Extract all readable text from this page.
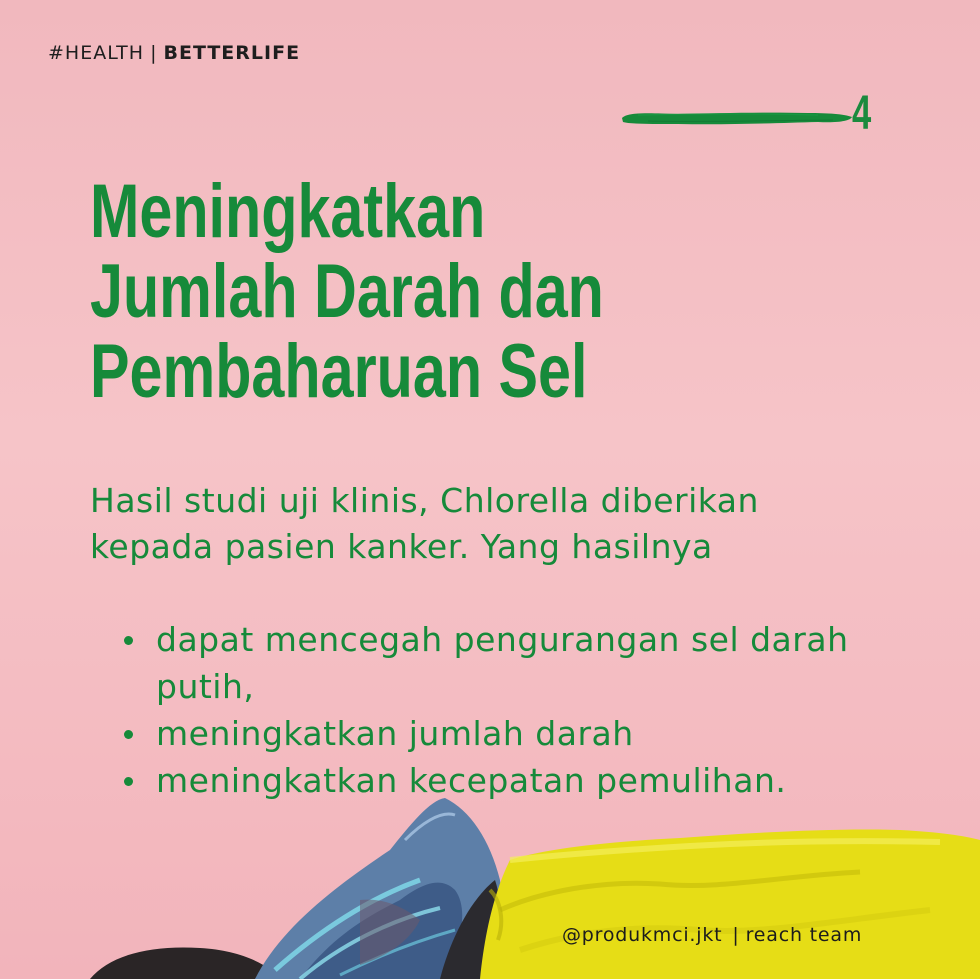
#HEALTH | BETTERLIFE
4
Meningkatkan
Jumlah Darah dan
Pembaharuan Sel
Hasil studi uji klinis, Chlorella diberikan kepada pasien kanker. Yang hasilnya
dapat mencegah pengurangan sel darah putih,
meningkatkan jumlah darah
meningkatkan kecepatan pemulihan.
@produkmci.jkt | reach team
